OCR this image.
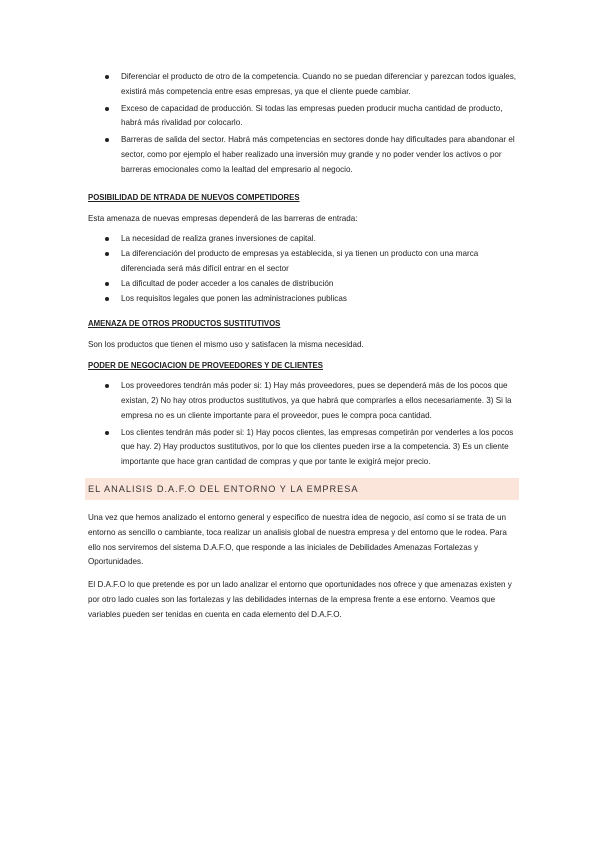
Diferenciar el producto de otro de la competencia. Cuando no se puedan diferenciar y parezcan todos iguales, existirá más competencia entre esas empresas, ya que el cliente puede cambiar.
Exceso de capacidad de producción. Si todas las empresas pueden producir mucha cantidad de producto, habrá más rivalidad por colocarlo.
Barreras de salida del sector. Habrá más competencias en sectores donde hay dificultades para abandonar el sector, como por ejemplo el haber realizado una inversión muy grande y no poder vender los activos o por barreras emocionales como la lealtad del empresario al negocio.
POSIBILIDAD DE NTRADA DE NUEVOS COMPETIDORES

Esta amenaza de nuevas empresas dependerá de las barreras de entrada:

La necesidad de realiza granes inversiones de capital.
La diferenciación del producto de empresas ya establecida, si ya tienen un producto con una marca diferenciada será más difícil entrar en el sector
La dificultad de poder acceder a los canales de distribución
Los requisitos legales que ponen las administraciones publicas
AMENAZA DE OTROS PRODUCTOS SUSTITUTIVOS

Son los productos que tienen el mismo uso y satisfacen la misma necesidad.

PODER DE NEGOCIACION DE PROVEEDORES Y DE CLIENTES
Los proveedores tendrán más poder si: 1) Hay más proveedores, pues se dependerá más de los pocos que existan, 2) No hay otros productos sustitutivos, ya que habrá que comprarles a ellos necesariamente. 3) Si la empresa no es un cliente importante para el proveedor, pues le compra poca cantidad.
Los clientes tendrán más poder si: 1) Hay pocos clientes, las empresas competirán por venderles a los pocos que hay. 2) Hay productos sustitutivos, por lo que los clientes pueden irse a la competencia. 3) Es un cliente importante que hace gran cantidad de compras y que por tante le exigirá mejor precio.
EL ANALISIS D.A.F.O DEL ENTORNO Y LA EMPRESA

Una vez que hemos analizado el entorno general y especifico de nuestra idea de negocio, así como si se trata de un entorno as sencillo o cambiante, toca realizar un analisis global de nuestra empresa y del entorno que le rodea. Para ello nos serviremos del sistema D.A.F.O, que responde a las iniciales de Debilidades Amenazas Fortalezas y Oportunidades.

El D.A.F.O lo que pretende es por un lado analizar el entorno que oportunidades nos ofrece y que amenazas existen y por otro lado cuales son las fortalezas y las debilidades internas de la empresa frente a ese entorno. Veamos que variables pueden ser tenidas en cuenta en cada elemento del D.A.F.O.
